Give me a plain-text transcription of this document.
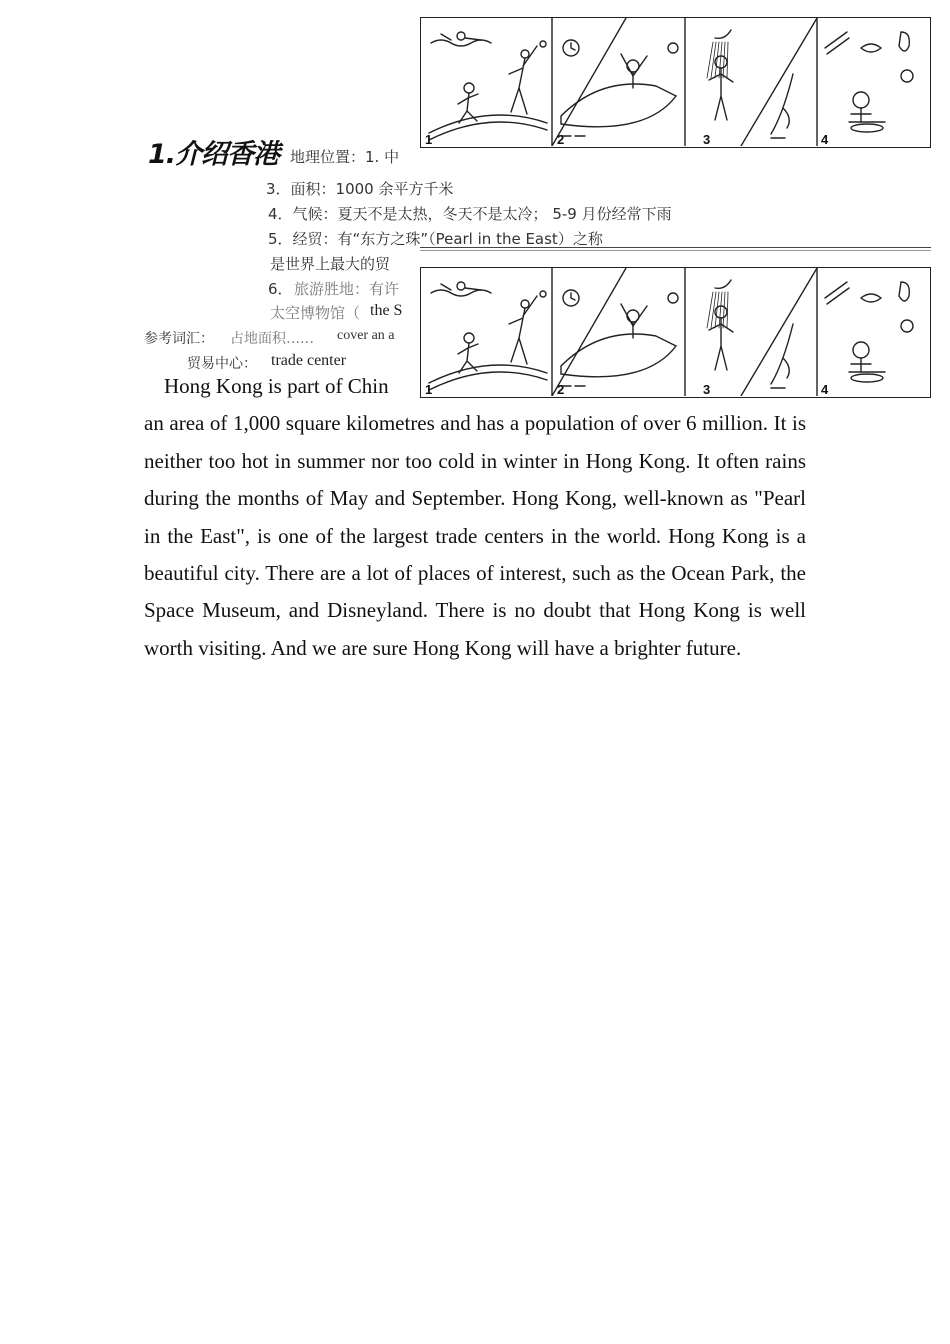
1.介绍香港 地理位置：1. 中
3．面积：1000 余平方千米
4．气候：夏天不是太热，冬天不是太冷； 5-9 月份经常下雨
5．经贸：有“东方之珠”（Pearl in the East）之称
是世界上最大的贸
6． 旅游胜地：有许
太空博物馆（ the S
参考词汇： 占地面积…… cover an a
贸易中心： trade center

Hong Kong is part of Chin

an area of 1,000 square kilometres and has a population of over 6 million. It is neither too hot in summer nor too cold in winter in Hong Kong. It often rains during the months of May and September. Hong Kong, well-known as "Pearl in the East", is one of the largest trade centers in the world. Hong Kong is a beautiful city. There are a lot of places of interest, such as the Ocean Park, the Space Museum, and Disneyland. There is no doubt that Hong Kong is well worth visiting. And we are sure Hong Kong will have a brighter future.
1	2	3	4
1	2	3	4
